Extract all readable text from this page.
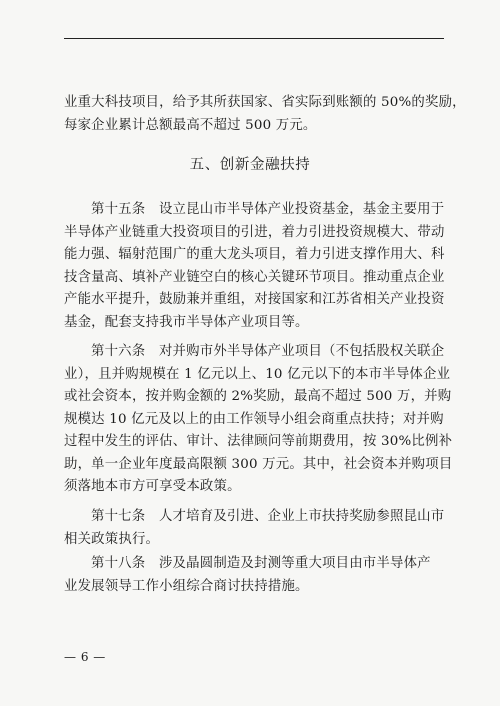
业重大科技项目，给予其所获国家、省实际到账额的 50%的奖励，
每家企业累计总额最高不超过 500 万元。
五、创新金融扶持
第十五条　设立昆山市半导体产业投资基金，基金主要用于
半导体产业链重大投资项目的引进，着力引进投资规模大、带动
能力强、辐射范围广的重大龙头项目，着力引进支撑作用大、科
技含量高、填补产业链空白的核心关键环节项目。推动重点企业
产能水平提升，鼓励兼并重组，对接国家和江苏省相关产业投资
基金，配套支持我市半导体产业项目等。
第十六条　对并购市外半导体产业项目（不包括股权关联企
业），且并购规模在 1 亿元以上、10 亿元以下的本市半导体企业
或社会资本，按并购金额的 2%奖励，最高不超过 500 万，并购
规模达 10 亿元及以上的由工作领导小组会商重点扶持；对并购
过程中发生的评估、审计、法律顾问等前期费用，按 30%比例补
助，单一企业年度最高限额 300 万元。其中，社会资本并购项目
须落地本市方可享受本政策。
第十七条　人才培育及引进、企业上市扶持奖励参照昆山市
相关政策执行。
第十八条　涉及晶圆制造及封测等重大项目由市半导体产
业发展领导工作小组综合商讨扶持措施。
— 6 —
